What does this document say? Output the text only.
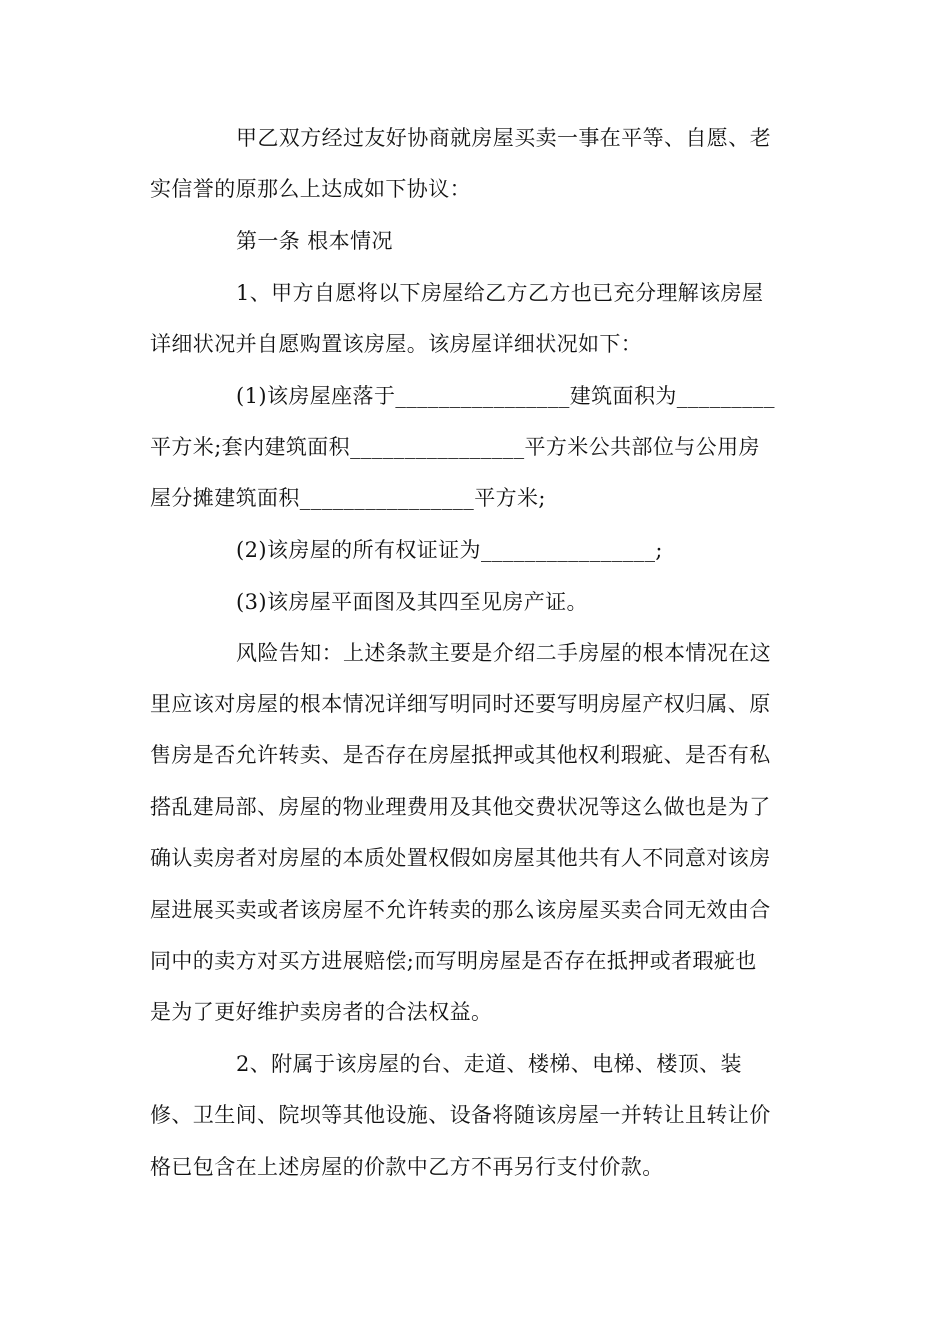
甲乙双方经过友好协商就房屋买卖一事在平等、自愿、老
实信誉的原那么上达成如下协议：
第一条 根本情况
1、甲方自愿将以下房屋给乙方乙方也已充分理解该房屋
详细状况并自愿购置该房屋。该房屋详细状况如下：
(1)该房屋座落于________________建筑面积为_________
平方米;套内建筑面积________________平方米公共部位与公用房
屋分摊建筑面积________________平方米;
(2)该房屋的所有权证证为________________;
(3)该房屋平面图及其四至见房产证。
风险告知：上述条款主要是介绍二手房屋的根本情况在这
里应该对房屋的根本情况详细写明同时还要写明房屋产权归属、原
售房是否允许转卖、是否存在房屋抵押或其他权利瑕疵、是否有私
搭乱建局部、房屋的物业理费用及其他交费状况等这么做也是为了
确认卖房者对房屋的本质处置权假如房屋其他共有人不同意对该房
屋进展买卖或者该房屋不允许转卖的那么该房屋买卖合同无效由合
同中的卖方对买方进展赔偿;而写明房屋是否存在抵押或者瑕疵也
是为了更好维护卖房者的合法权益。
2、附属于该房屋的台、走道、楼梯、电梯、楼顶、装
修、卫生间、院坝等其他设施、设备将随该房屋一并转让且转让价
格已包含在上述房屋的价款中乙方不再另行支付价款。
